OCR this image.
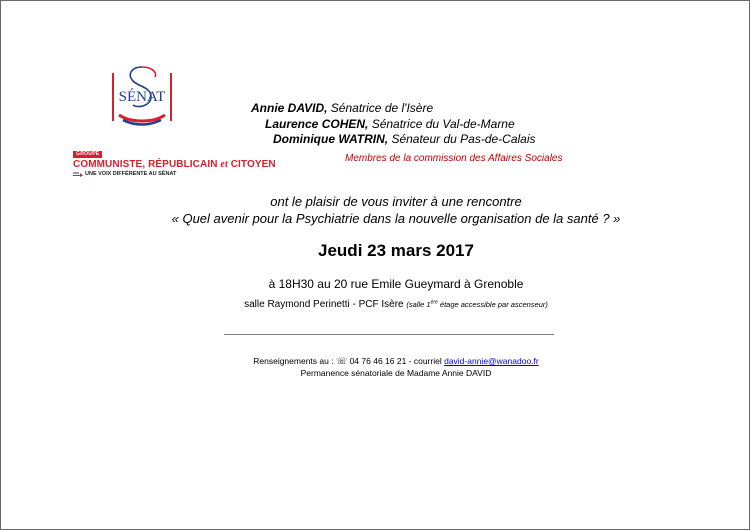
SÉNAT
GROUPE
COMMUNISTE, RÉPUBLICAIN et CITOYEN
UNE VOIX DIFFÉRENTE AU SÉNAT
Annie DAVID, Sénatrice de l'Isère
Laurence COHEN, Sénatrice du Val-de-Marne
Dominique WATRIN, Sénateur du Pas-de-Calais
Membres de la commission des Affaires Sociales
ont le plaisir de vous inviter à une rencontre
« Quel avenir pour la Psychiatrie dans la nouvelle organisation de la santé ? »
Jeudi 23 mars 2017
à 18H30 au 20 rue Emile Gueymard à Grenoble
salle Raymond Perinetti - PCF Isère (salle 1ère étage accessible par ascenseur)
Renseignements au : ☏ 04 76 46 16 21 - courriel david-annie@wanadoo.fr
Permanence sénatoriale de Madame Annie DAVID
